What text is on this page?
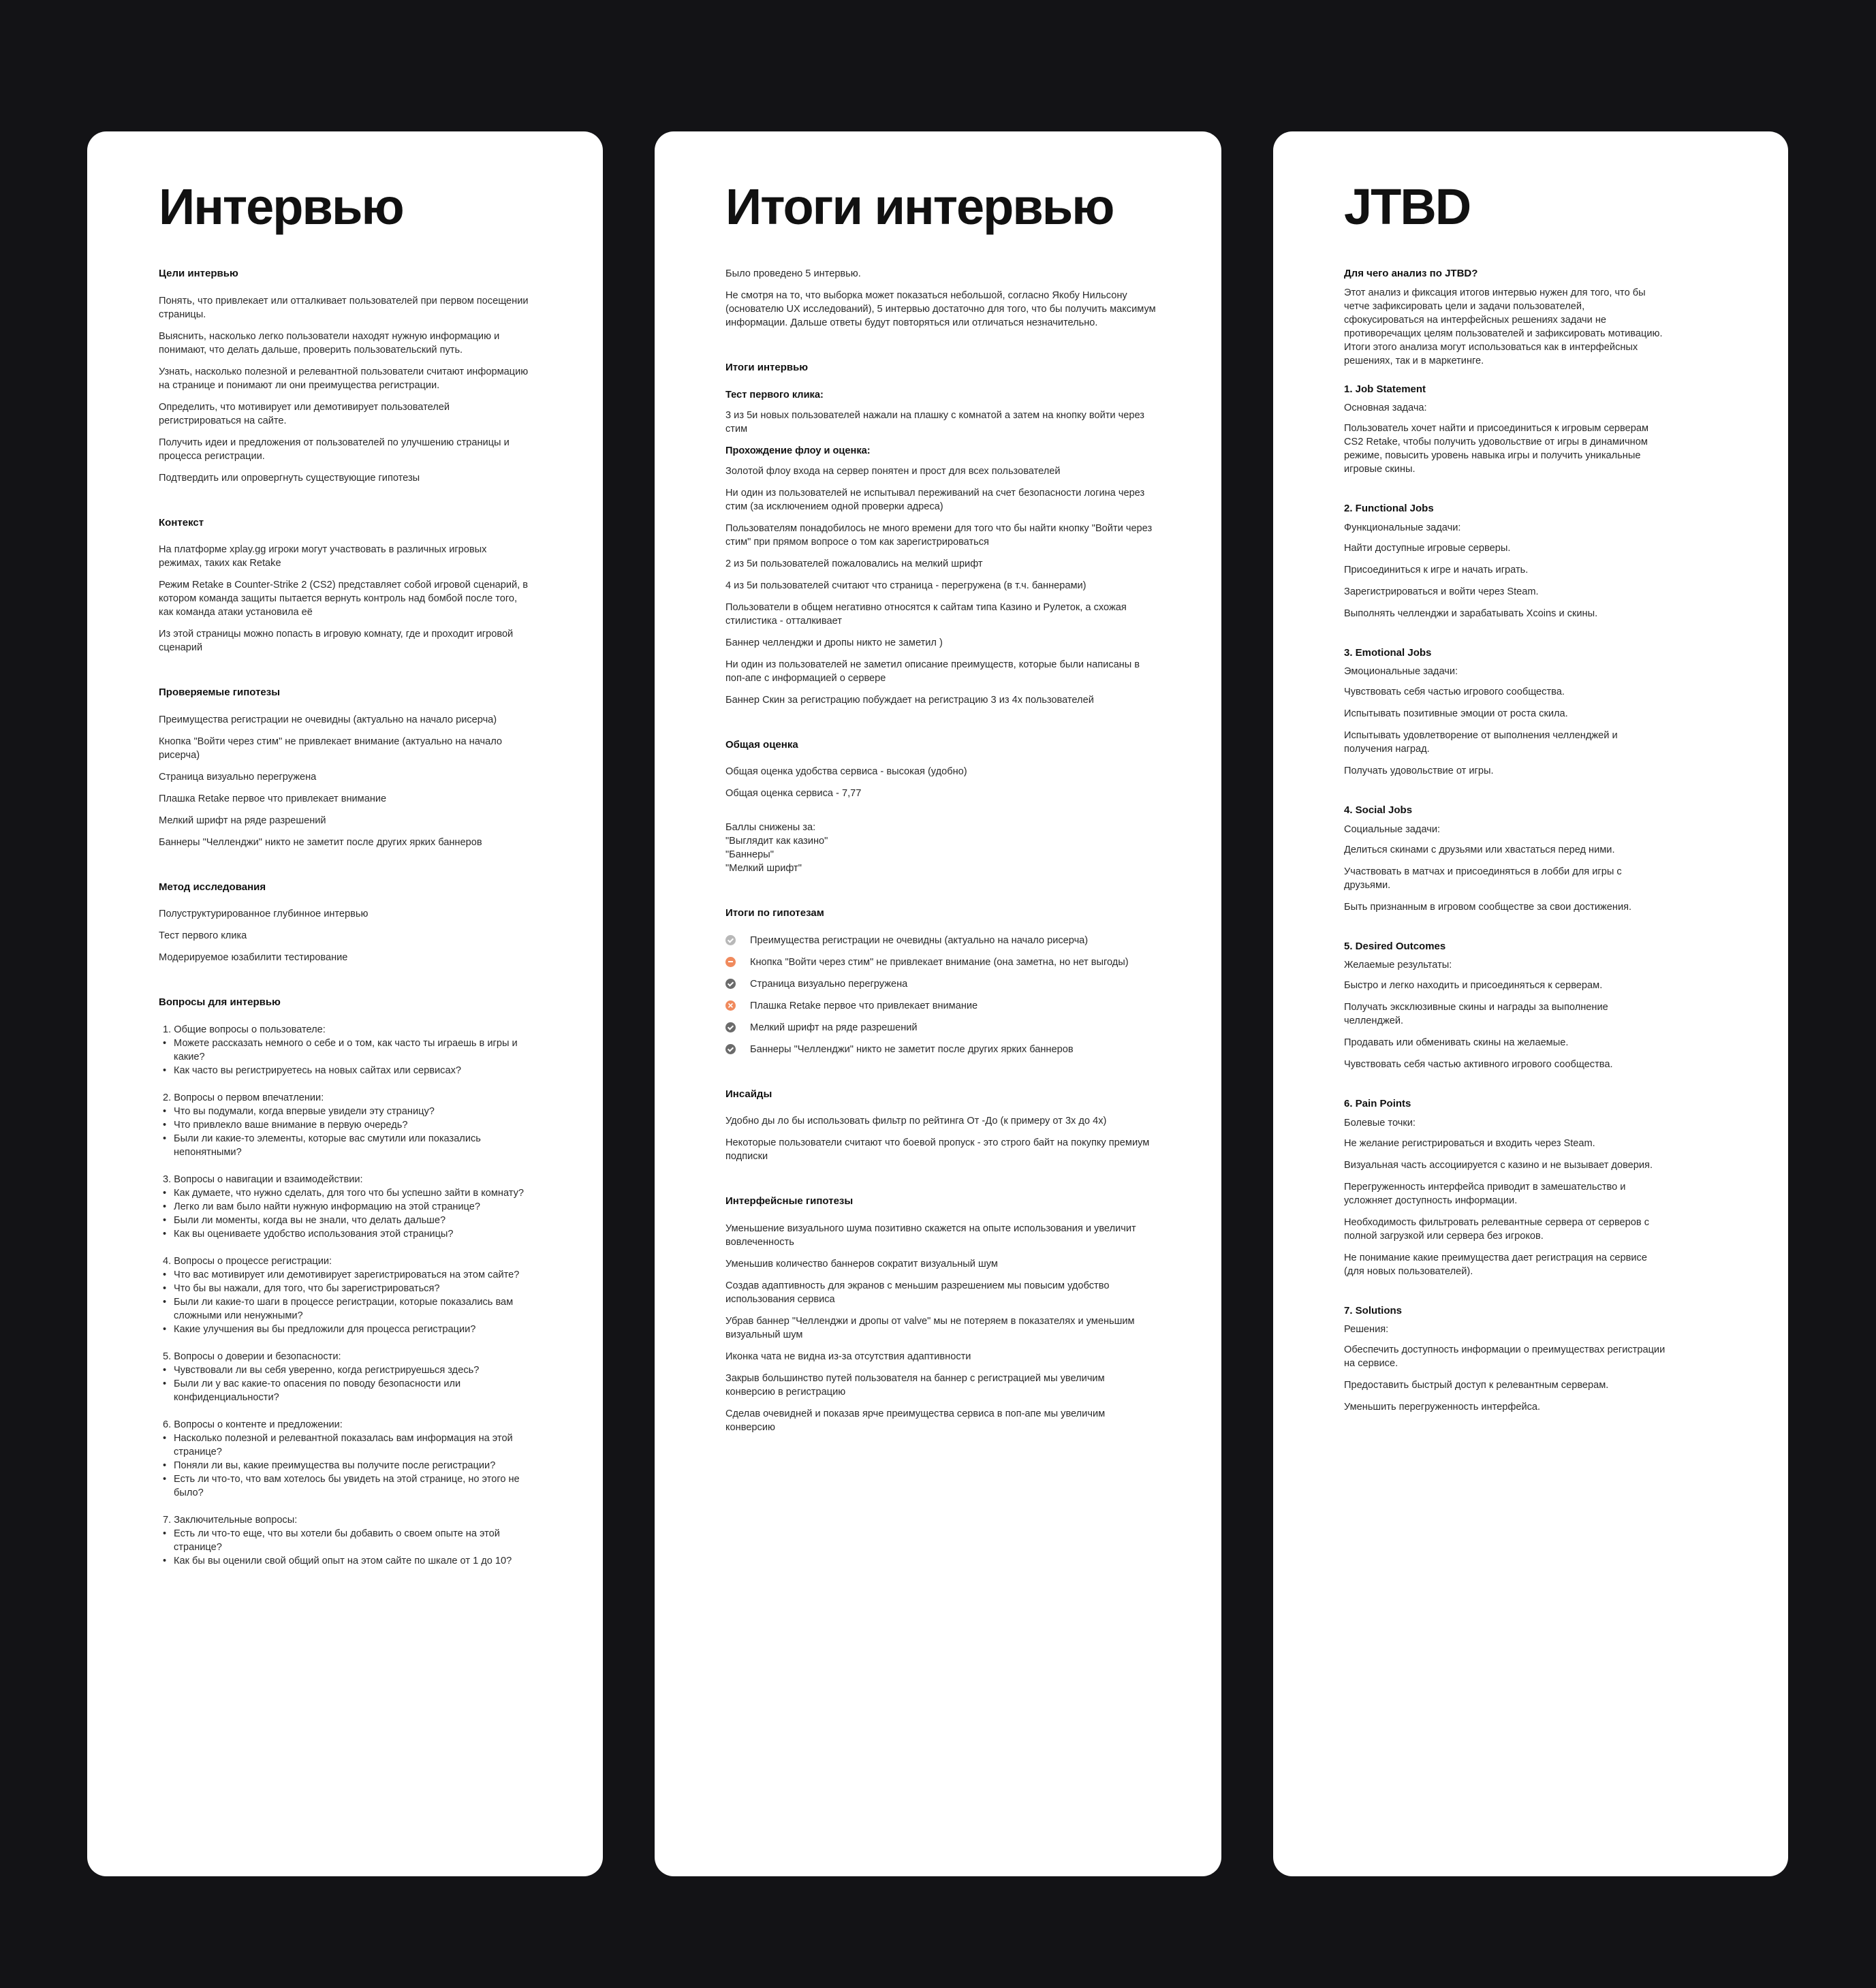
Интервью
Цели интервью

Понять, что привлекает или отталкивает пользователей при первом посещении страницы.

Выяснить, насколько легко пользователи находят нужную информацию и понимают, что делать дальше, проверить пользовательский путь.

Узнать, насколько полезной и релевантной пользователи считают информацию на странице и понимают ли они преимущества регистрации.

Определить, что мотивирует или демотивирует пользователей регистрироваться на сайте.

Получить идеи и предложения от пользователей по улучшению страницы и процесса регистрации.

Подтвердить или опровергнуть существующие гипотезы

Контекст

На платформе xplay.gg игроки могут участвовать в различных игровых режимах, таких как Retake

Режим Retake в Counter-Strike 2 (CS2) представляет собой игровой сценарий, в котором команда защиты пытается вернуть контроль над бомбой после того, как команда атаки установила её

Из этой страницы можно попасть в игровую комнату, где и проходит игровой сценарий

Проверяемые гипотезы

Преимущества регистрации не очевидны (актуально на начало рисерча)

Кнопка "Войти через стим" не привлекает внимание (актуально на начало рисерча)

Страница визуально перегружена

Плашка Retake первое что привлекает внимание

Мелкий шрифт на ряде разрешений

Баннеры "Челленджи" никто не заметит после других ярких баннеров

Метод исследования

Полуструктурированное глубинное интервью

Тест первого клика

Модерируемое юзабилити тестирование

Вопросы для интервью
1. Общие вопросы о пользователе:
• Можете рассказать немного о себе и о том, как часто ты играешь в игры и какие?
• Как часто вы регистрируетесь на новых сайтах или сервисах?
2. Вопросы о первом впечатлении:
• Что вы подумали, когда впервые увидели эту страницу?
• Что привлекло ваше внимание в первую очередь?
• Были ли какие-то элементы, которые вас смутили или показались непонятными?
3. Вопросы о навигации и взаимодействии:
• Как думаете, что нужно сделать, для того что бы успешно зайти в комнату?
• Легко ли вам было найти нужную информацию на этой странице?
• Были ли моменты, когда вы не знали, что делать дальше?
• Как вы оцениваете удобство использования этой страницы?
4. Вопросы о процессе регистрации:
• Что вас мотивирует или демотивирует зарегистрироваться на этом сайте?
• Что бы вы нажали, для того, что бы зарегистрироваться?
• Были ли какие-то шаги в процессе регистрации, которые показались вам сложными или ненужными?
• Какие улучшения вы бы предложили для процесса регистрации?
5. Вопросы о доверии и безопасности:
• Чувствовали ли вы себя уверенно, когда регистрируешься здесь?
• Были ли у вас какие-то опасения по поводу безопасности или конфиденциальности?
6. Вопросы о контенте и предложении:
• Насколько полезной и релевантной показалась вам информация на этой странице?
• Поняли ли вы, какие преимущества вы получите после регистрации?
• Есть ли что-то, что вам хотелось бы увидеть на этой странице, но этого не было?
7. Заключительные вопросы:
• Есть ли что-то еще, что вы хотели бы добавить о своем опыте на этой странице?
• Как бы вы оценили свой общий опыт на этом сайте по шкале от 1 до 10?
Итоги интервью

Было проведено 5 интервью.

Не смотря на то, что выборка может показаться небольшой, согласно Якобу Нильсону (основателю UX исследований), 5 интервью достаточно для того, что бы получить максимум информации. Дальше ответы будут повторяться или отличаться незначительно.

Итоги интервью

Тест первого клика:

3 из 5и новых пользователей нажали на плашку с комнатой а затем на кнопку войти через стим

Прохождение флоу и оценка:

Золотой флоу входа на сервер понятен и прост для всех пользователей

Ни один из пользователей не испытывал переживаний на счет безопасности логина через стим (за исключением одной проверки адреса)

Пользователям понадобилось не много времени для того что бы найти кнопку "Войти через стим" при прямом вопросе о том как зарегистрироваться

2 из 5и пользователей пожаловались на мелкий шрифт

4 из 5и пользователей считают что страница - перегружена (в т.ч. баннерами)

Пользователи в общем негативно относятся к сайтам типа Казино и Рулеток, а схожая стилистика - отталкивает

Баннер челленджи и дропы никто не заметил )

Ни один из пользователей не заметил описание преимуществ, которые были написаны в поп-апе с информацией о сервере

Баннер Скин за регистрацию побуждает на регистрацию 3 из 4х пользователей

Общая оценка

Общая оценка удобства сервиса - высокая (удобно)

Общая оценка сервиса - 7,77

Баллы снижены за:
"Выглядит как казино"
"Баннеры"
"Мелкий шрифт"
Итоги по гипотезам
Преимущества регистрации не очевидны (актуально на начало рисерча)
Кнопка "Войти через стим" не привлекает внимание (она заметна, но нет выгоды)
Страница визуально перегружена
×
Плашка Retake первое что привлекает внимание
Мелкий шрифт на ряде разрешений
Баннеры "Челленджи" никто не заметит после других ярких баннеров
Инсайды

Удобно ды ло бы использовать фильтр по рейтинга От -До (к примеру от 3х до 4х)

Некоторые пользователи считают что боевой пропуск - это строго байт на покупку премиум подписки

Интерфейсные гипотезы

Уменьшение визуального шума позитивно скажется на опыте использования и увеличит вовлеченность

Уменьшив количество баннеров сократит визуальный шум

Создав адаптивность для экранов с меньшим разрешением мы повысим удобство использования сервиса

Убрав баннер "Челленджи и дропы от valve" мы не потеряем в показателях и уменьшим визуальный шум

Иконка чата не видна из-за отсутствия адаптивности

Закрыв большинство путей пользователя на баннер с регистрацией мы увеличим конверсию в регистрацию

Сделав очевидней и показав ярче преимущества сервиса в поп-апе мы увеличим конверсию

JTBD
Для чего анализ по JTBD?

Этот анализ и фиксация итогов интервью нужен для того, что бы четче зафиксировать цели и задачи пользователей, сфокусироваться на интерфейсных решениях задачи не противоречащих целям пользователей и зафиксировать мотивацию. Итоги этого анализа могут использоваться как в интерфейсных решениях, так и в маркетинге.

1. Job Statement

Основная задача:

Пользователь хочет найти и присоединиться к игровым серверам CS2 Retake, чтобы получить удовольствие от игры в динамичном режиме, повысить уровень навыка игры и получить уникальные игровые скины.

2. Functional Jobs

Функциональные задачи:

Найти доступные игровые серверы.

Присоединиться к игре и начать играть.

Зарегистрироваться и войти через Steam.

Выполнять челленджи и зарабатывать Xcoins и скины.

3. Emotional Jobs

Эмоциональные задачи:

Чувствовать себя частью игрового сообщества.

Испытывать позитивные эмоции от роста скила.

Испытывать удовлетворение от выполнения челленджей и получения наград.

Получать удовольствие от игры.

4. Social Jobs

Социальные задачи:

Делиться скинами с друзьями или хвастаться перед ними.

Участвовать в матчах и присоединяться в лобби для игры с друзьями.

Быть признанным в игровом сообществе за свои достижения.

5. Desired Outcomes

Желаемые результаты:

Быстро и легко находить и присоединяться к серверам.

Получать эксклюзивные скины и награды за выполнение челленджей.

Продавать или обменивать скины на желаемые.

Чувствовать себя частью активного игрового сообщества.

6. Pain Points

Болевые точки:

Не желание регистрироваться и входить через Steam.

Визуальная часть ассоциируется с казино и не вызывает доверия.

Перегруженность интерфейса приводит в замешательство и усложняет доступность информации.

Необходимость фильтровать релевантные сервера от серверов с полной загрузкой или сервера без игроков.

Не понимание какие преимущества дает регистрация на сервисе (для новых пользователей).

7. Solutions

Решения:

Обеспечить доступность информации о преимуществах регистрации на сервисе.

Предоставить быстрый доступ к релевантным серверам.

Уменьшить перегруженность интерфейса.
